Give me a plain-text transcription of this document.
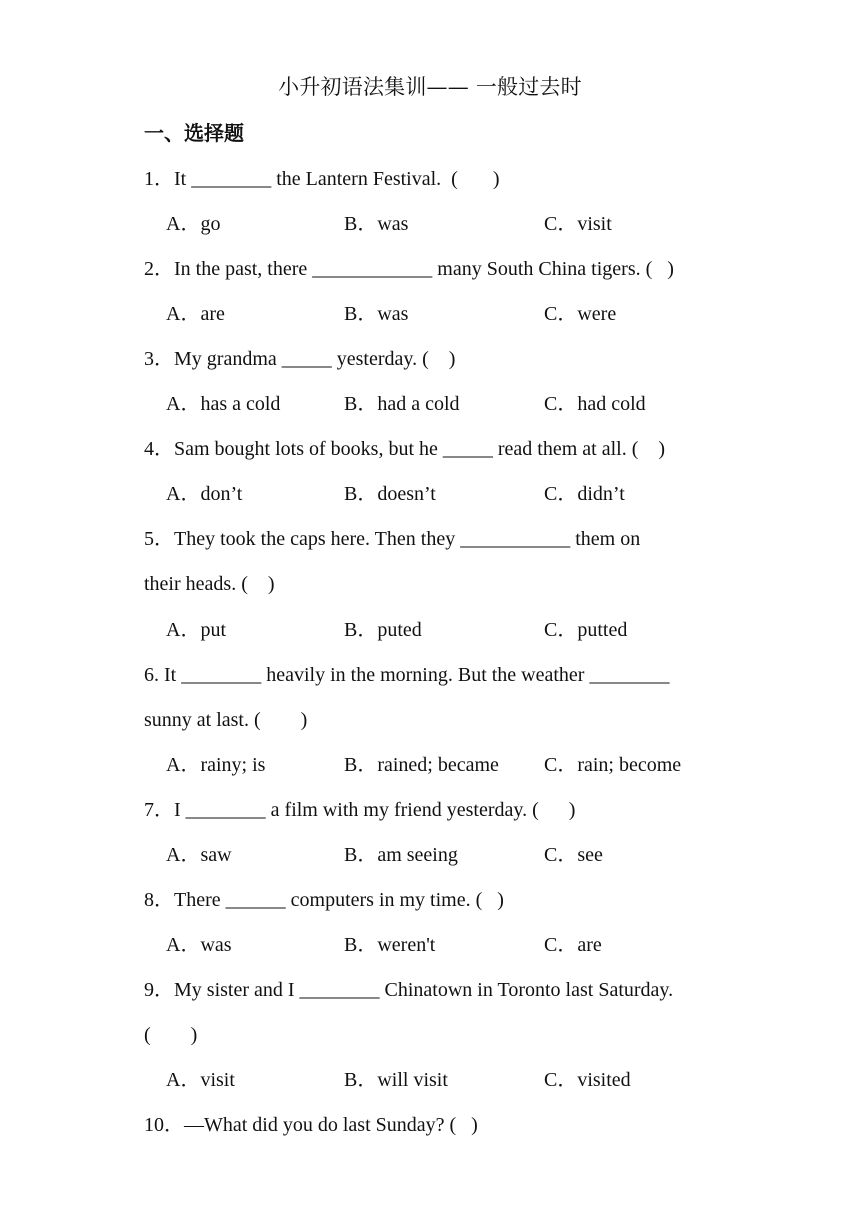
小升初语法集训—— 一般过去时
一、选择题
1．It ________ the Lantern Festival.  (       )
A．go	B．was	C．visit
2．In the past, there ____________ many South China tigers. (   )
A．are	B．was	C．were
3．My grandma _____ yesterday. (    )
A．has a cold	B．had a cold	C．had cold
4．Sam bought lots of books, but he _____ read them at all. (    )
A．don’t	B．doesn’t	C．didn’t
5．They took the caps here. Then they ___________ them on
their heads. (    )
A．put	B．puted	C．putted
6. It ________ heavily in the morning. But the weather ________
sunny at last. (        )
A．rainy; is	B．rained; became C．rain; become
7．I ________ a film with my friend yesterday. (      )
A．saw	B．am seeing	C．see
8．There ______ computers in my time. (   )
A．was	B．weren't	C．are
9．My sister and I ________ Chinatown in Toronto last Saturday.
(        )
A．visit	B．will visit	C．visited
10．—What did you do last Sunday? (   )
